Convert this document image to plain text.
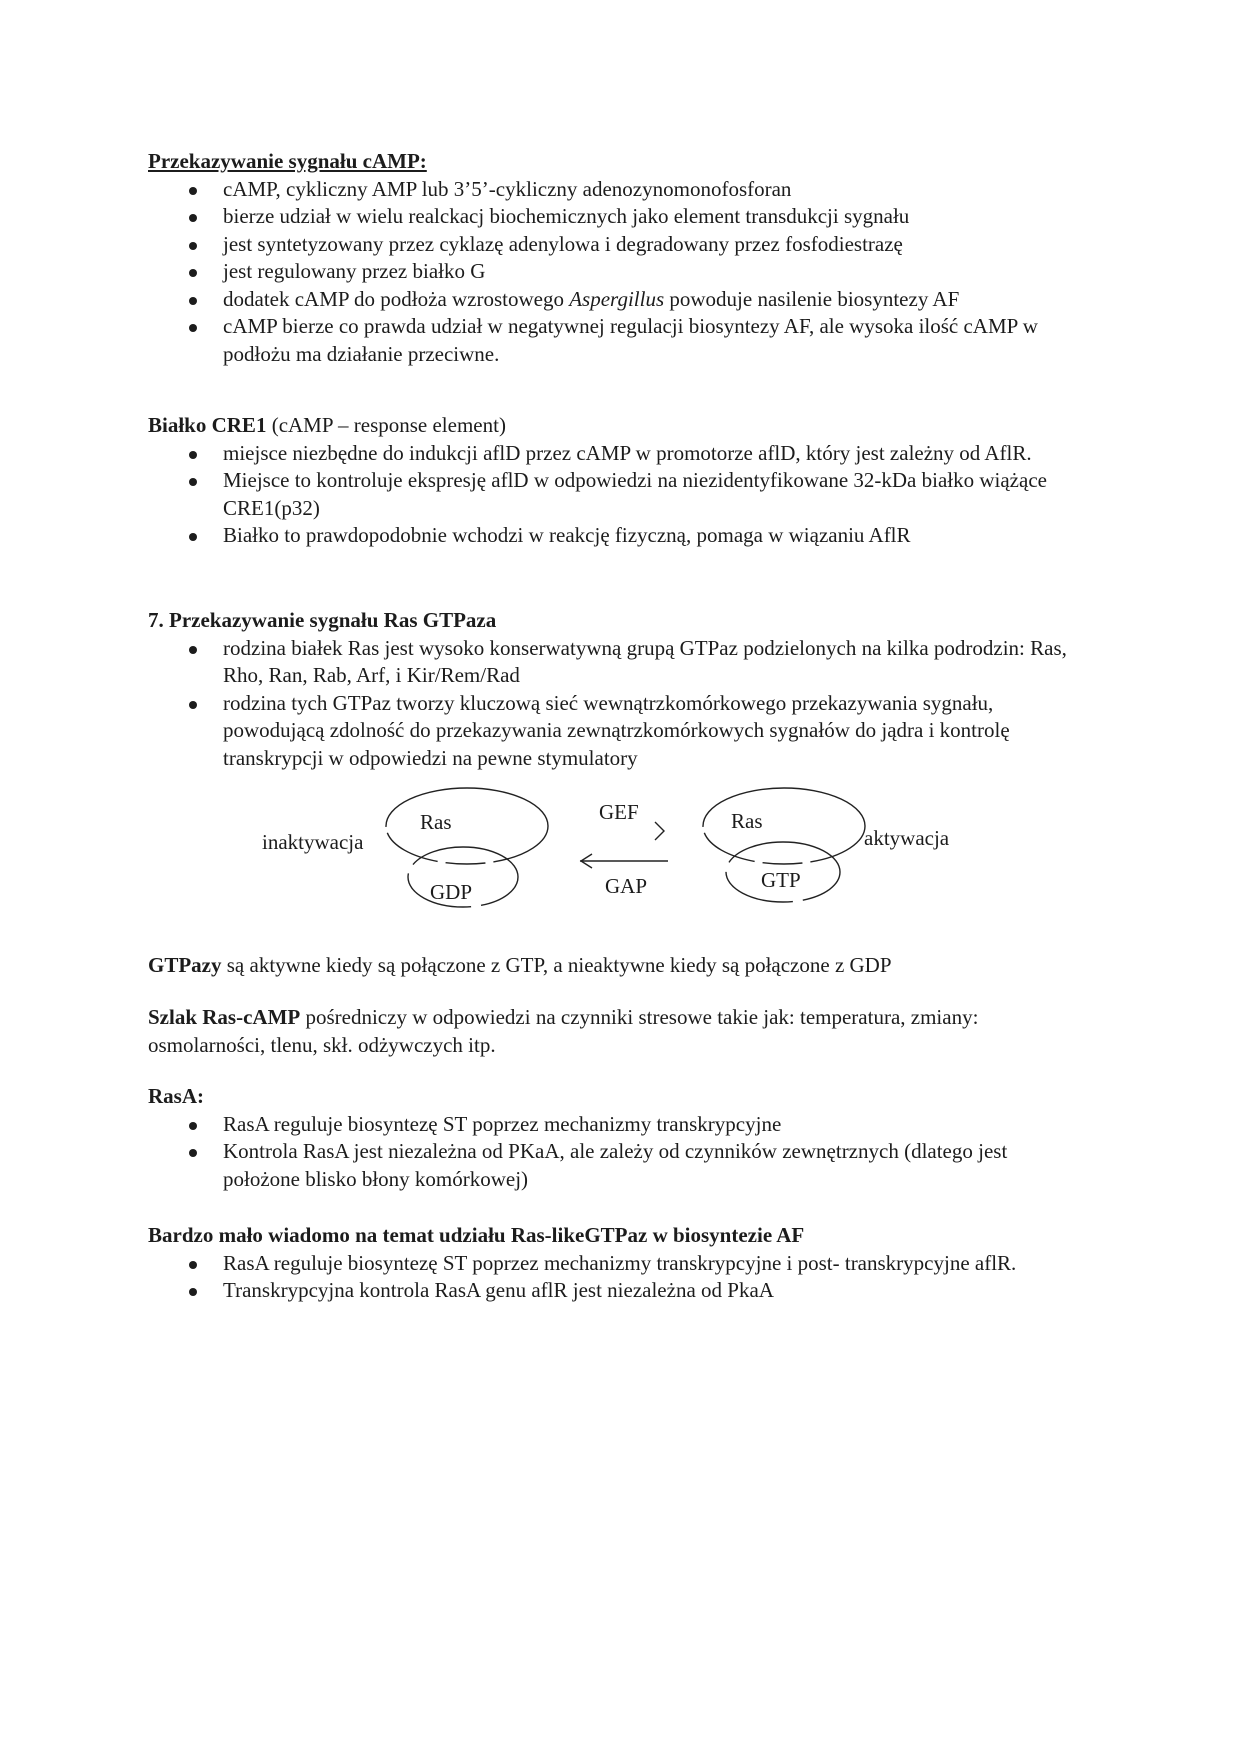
Przekazywanie sygnału cAMP:

cAMP, cykliczny AMP lub 3’5’-cykliczny adenozynomonofosforan
bierze udział w wielu realckacj biochemicznych jako element transdukcji sygnału
jest syntetyzowany przez cyklazę adenylowa i degradowany przez fosfodiestrazę
jest regulowany przez białko G
dodatek cAMP do podłoża wzrostowego Aspergillus powoduje nasilenie biosyntezy AF
cAMP bierze co prawda udział w negatywnej regulacji biosyntezy AF, ale wysoka ilość cAMP w podłożu ma działanie przeciwne.

Białko CRE1 (cAMP – response element)

miejsce niezbędne do indukcji aflD przez cAMP w promotorze aflD, który jest zależny od AflR.
Miejsce to kontroluje ekspresję aflD w odpowiedzi na niezidentyfikowane 32-kDa białko wiążące CRE1(p32)
Białko to prawdopodobnie wchodzi w reakcję fizyczną, pomaga w wiązaniu AflR

7. Przekazywanie sygnału Ras GTPaza

rodzina białek Ras jest wysoko konserwatywną grupą GTPaz podzielonych na kilka podrodzin: Ras, Rho, Ran, Rab, Arf, i Kir/Rem/Rad
rodzina tych GTPaz tworzy kluczową sieć wewnątrzkomórkowego przekazywania sygnału, powodującą zdolność do przekazywania zewnątrzkomórkowych sygnałów do jądra i kontrolę transkrypcji w odpowiedzi na pewne stymulatory
inaktywacja
Ras
GDP
GEF
GAP
Ras
GTP
aktywacja

GTPazy są aktywne kiedy są połączone z GTP, a nieaktywne kiedy są połączone z GDP

Szlak Ras-cAMP pośredniczy w odpowiedzi na czynniki stresowe takie jak: temperatura, zmiany: osmolarności, tlenu, skł. odżywczych itp.

RasA:

RasA reguluje biosyntezę ST poprzez mechanizmy transkrypcyjne
Kontrola RasA jest niezależna od PKaA, ale zależy od czynników zewnętrznych (dlatego jest położone blisko błony komórkowej)

Bardzo mało wiadomo na temat udziału Ras-likeGTPaz w biosyntezie AF

RasA reguluje biosyntezę ST poprzez mechanizmy transkrypcyjne i post- transkrypcyjne aflR.
Transkrypcyjna kontrola RasA genu aflR jest niezależna od PkaA
